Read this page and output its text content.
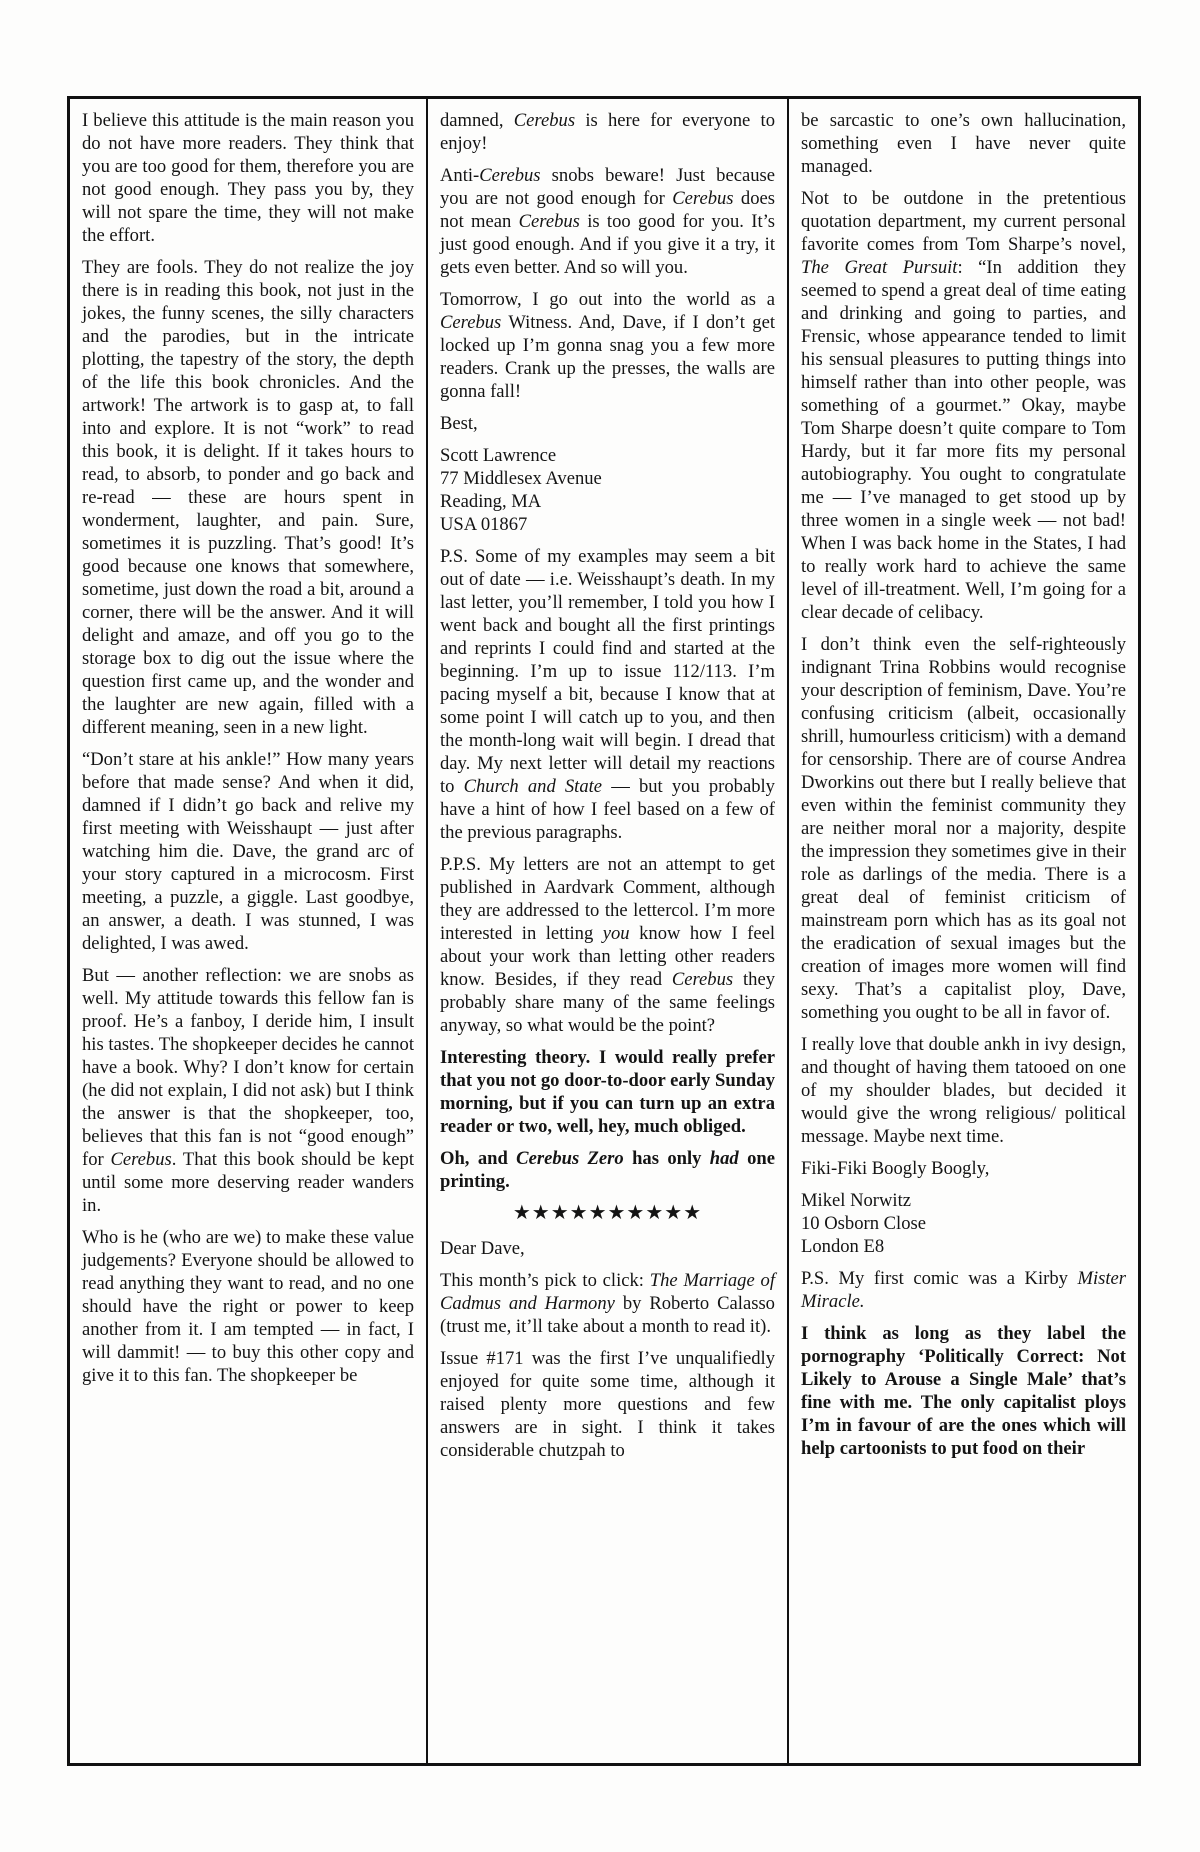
I believe this attitude is the main reason you do not have more readers. They think that you are too good for them, therefore you are not good enough. They pass you by, they will not spare the time, they will not make the effort.

They are fools. They do not realize the joy there is in reading this book, not just in the jokes, the funny scenes, the silly characters and the parodies, but in the intricate plotting, the tapestry of the story, the depth of the life this book chronicles. And the artwork! The artwork is to gasp at, to fall into and explore. It is not “work” to read this book, it is delight. If it takes hours to read, to absorb, to ponder and go back and re-read — these are hours spent in wonderment, laughter, and pain. Sure, sometimes it is puzzling. That’s good! It’s good because one knows that somewhere, sometime, just down the road a bit, around a corner, there will be the answer. And it will delight and amaze, and off you go to the storage box to dig out the issue where the question first came up, and the wonder and the laughter are new again, filled with a different meaning, seen in a new light.

“Don’t stare at his ankle!” How many years before that made sense? And when it did, damned if I didn’t go back and relive my first meeting with Weisshaupt — just after watching him die. Dave, the grand arc of your story captured in a microcosm. First meeting, a puzzle, a giggle. Last goodbye, an answer, a death. I was stunned, I was delighted, I was awed.

But — another reflection: we are snobs as well. My attitude towards this fellow fan is proof. He’s a fanboy, I deride him, I insult his tastes. The shopkeeper decides he cannot have a book. Why? I don’t know for certain (he did not explain, I did not ask) but I think the answer is that the shopkeeper, too, believes that this fan is not “good enough” for Cerebus. That this book should be kept until some more deserving reader wanders in.

Who is he (who are we) to make these value judgements? Everyone should be allowed to read anything they want to read, and no one should have the right or power to keep another from it. I am tempted — in fact, I will dammit! — to buy this other copy and give it to this fan. The shopkeeper be

damned, Cerebus is here for everyone to enjoy!

Anti-Cerebus snobs beware! Just because you are not good enough for Cerebus does not mean Cerebus is too good for you. It’s just good enough. And if you give it a try, it gets even better. And so will you.

Tomorrow, I go out into the world as a Cerebus Witness. And, Dave, if I don’t get locked up I’m gonna snag you a few more readers. Crank up the presses, the walls are gonna fall!

Best,

Scott Lawrence
77 Middlesex Avenue
Reading, MA
USA 01867

P.S. Some of my examples may seem a bit out of date — i.e. Weisshaupt’s death. In my last letter, you’ll remember, I told you how I went back and bought all the first printings and reprints I could find and started at the beginning. I’m up to issue 112/113. I’m pacing myself a bit, because I know that at some point I will catch up to you, and then the month-long wait will begin. I dread that day. My next letter will detail my reactions to Church and State — but you probably have a hint of how I feel based on a few of the previous paragraphs.

P.P.S. My letters are not an attempt to get published in Aardvark Comment, although they are addressed to the lettercol. I’m more interested in letting you know how I feel about your work than letting other readers know. Besides, if they read Cerebus they probably share many of the same feelings anyway, so what would be the point?

Interesting theory. I would really prefer that you not go door-to-door early Sunday morning, but if you can turn up an extra reader or two, well, hey, much obliged.

Oh, and Cerebus Zero has only had one printing.

★★★★★★★★★★

Dear Dave,

This month’s pick to click: The Marriage of Cadmus and Harmony by Roberto Calasso (trust me, it’ll take about a month to read it).

Issue #171 was the first I’ve unqualifiedly enjoyed for quite some time, although it raised plenty more questions and few answers are in sight. I think it takes considerable chutzpah to

be sarcastic to one’s own hallucination, something even I have never quite managed.

Not to be outdone in the pretentious quotation department, my current personal favorite comes from Tom Sharpe’s novel, The Great Pursuit: “In addition they seemed to spend a great deal of time eating and drinking and going to parties, and Frensic, whose appearance tended to limit his sensual pleasures to putting things into himself rather than into other people, was something of a gourmet.” Okay, maybe Tom Sharpe doesn’t quite compare to Tom Hardy, but it far more fits my personal autobiography. You ought to congratulate me — I’ve managed to get stood up by three women in a single week — not bad! When I was back home in the States, I had to really work hard to achieve the same level of ill-treatment. Well, I’m going for a clear decade of celibacy.

I don’t think even the self-righteously indignant Trina Robbins would recognise your description of feminism, Dave. You’re confusing criticism (albeit, occasionally shrill, humourless criticism) with a demand for censorship. There are of course Andrea Dworkins out there but I really believe that even within the feminist community they are neither moral nor a majority, despite the impression they sometimes give in their role as darlings of the media. There is a great deal of feminist criticism of mainstream porn which has as its goal not the eradication of sexual images but the creation of images more women will find sexy. That’s a capitalist ploy, Dave, something you ought to be all in favor of.

I really love that double ankh in ivy design, and thought of having them tatooed on one of my shoulder blades, but decided it would give the wrong religious/ political message. Maybe next time.

Fiki-Fiki Boogly Boogly,

Mikel Norwitz
10 Osborn Close
London E8

P.S. My first comic was a Kirby Mister Miracle.

I think as long as they label the pornography ‘Politically Correct: Not Likely to Arouse a Single Male’ that’s fine with me. The only capitalist ploys I’m in favour of are the ones which will help cartoonists to put food on their
